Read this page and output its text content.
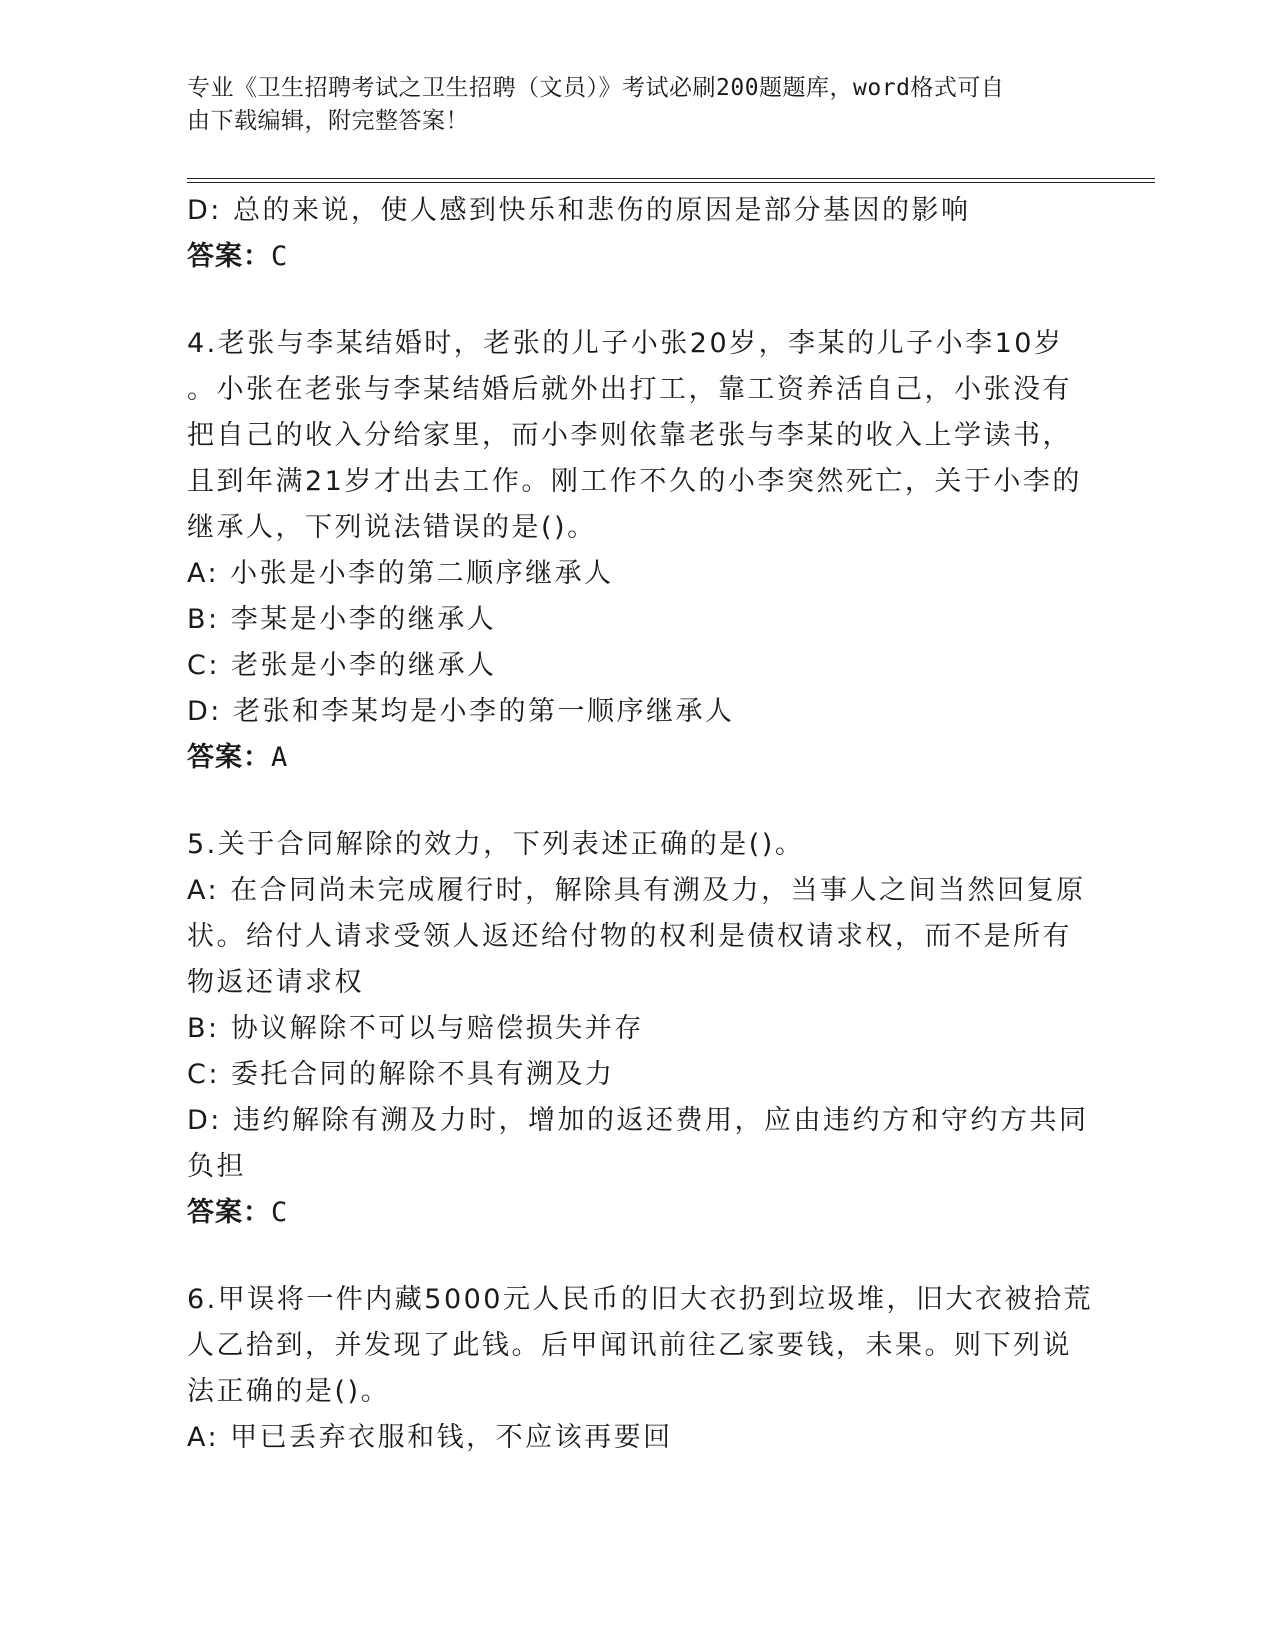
专业《卫生招聘考试之卫生招聘（文员）》考试必刷200题题库，word格式可自
由下载编辑，附完整答案！
D: 总的来说，使人感到快乐和悲伤的原因是部分基因的影响
答案：C
4.老张与李某结婚时，老张的儿子小张20岁，李某的儿子小李10岁
。小张在老张与李某结婚后就外出打工，靠工资养活自己，小张没有
把自己的收入分给家里，而小李则依靠老张与李某的收入上学读书，
且到年满21岁才出去工作。刚工作不久的小李突然死亡，关于小李的
继承人，下列说法错误的是()。
A: 小张是小李的第二顺序继承人
B: 李某是小李的继承人
C: 老张是小李的继承人
D: 老张和李某均是小李的第一顺序继承人
答案：A
5.关于合同解除的效力，下列表述正确的是()。
A: 在合同尚未完成履行时，解除具有溯及力，当事人之间当然回复原
状。给付人请求受领人返还给付物的权利是债权请求权，而不是所有
物返还请求权
B: 协议解除不可以与赔偿损失并存
C: 委托合同的解除不具有溯及力
D: 违约解除有溯及力时，增加的返还费用，应由违约方和守约方共同
负担
答案：C
6.甲误将一件内藏5000元人民币的旧大衣扔到垃圾堆，旧大衣被拾荒
人乙拾到，并发现了此钱。后甲闻讯前往乙家要钱，未果。则下列说
法正确的是()。
A: 甲已丢弃衣服和钱，不应该再要回
